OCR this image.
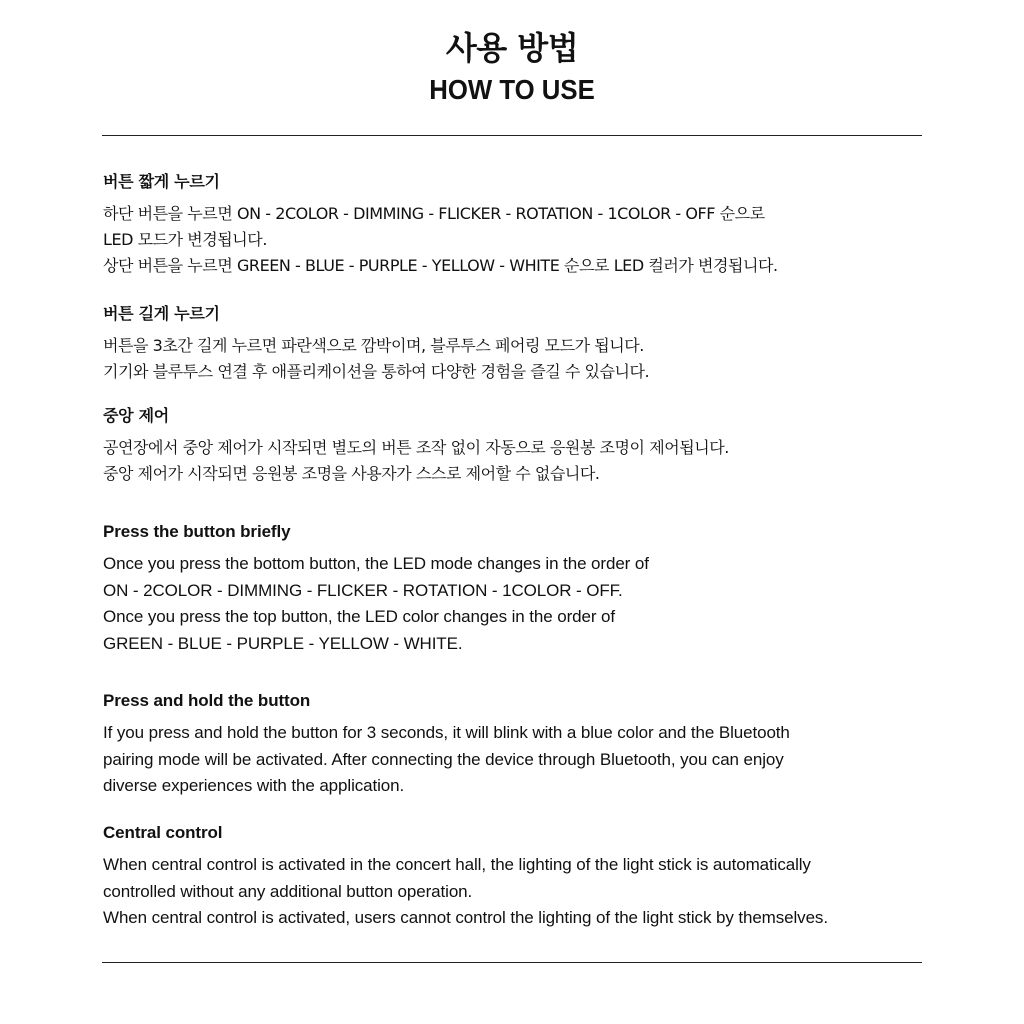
사용 방법
HOW TO USE
버튼 짧게 누르기

하단 버튼을 누르면 ON - 2COLOR - DIMMING - FLICKER - ROTATION - 1COLOR - OFF 순으로
LED 모드가 변경됩니다.
상단 버튼을 누르면 GREEN - BLUE - PURPLE - YELLOW - WHITE 순으로 LED 컬러가 변경됩니다.

버튼 길게 누르기

버튼을 3초간 길게 누르면 파란색으로 깜박이며, 블루투스 페어링 모드가 됩니다.
기기와 블루투스 연결 후 애플리케이션을 통하여 다양한 경험을 즐길 수 있습니다.

중앙 제어

공연장에서 중앙 제어가 시작되면 별도의 버튼 조작 없이 자동으로 응원봉 조명이 제어됩니다.
중앙 제어가 시작되면 응원봉 조명을 사용자가 스스로 제어할 수 없습니다.

Press the button briefly

Once you press the bottom button, the LED mode changes in the order of
ON - 2COLOR - DIMMING - FLICKER - ROTATION - 1COLOR - OFF.
Once you press the top button, the LED color changes in the order of
GREEN - BLUE - PURPLE - YELLOW - WHITE.

Press and hold the button

If you press and hold the button for 3 seconds, it will blink with a blue color and the Bluetooth
pairing mode will be activated. After connecting the device through Bluetooth, you can enjoy
diverse experiences with the application.

Central control

When central control is activated in the concert hall, the lighting of the light stick is automatically
controlled without any additional button operation.
When central control is activated, users cannot control the lighting of the light stick by themselves.
